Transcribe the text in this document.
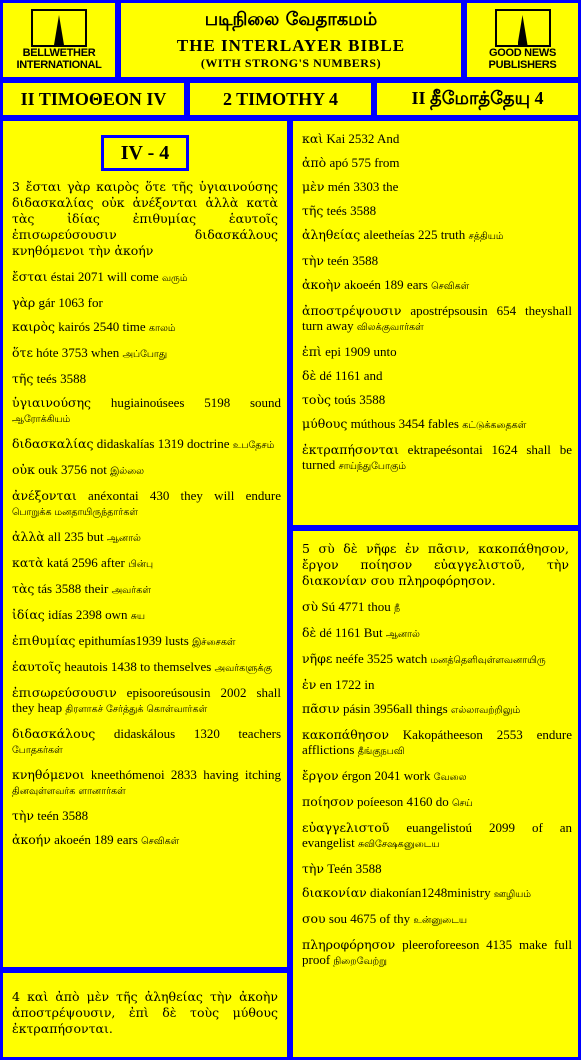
BELLWETHER
INTERNATIONAL
படிநிலை வேதாகமம்
THE INTERLAYER BIBLE
(WITH STRONG'S NUMBERS)
GOOD NEWS
PUBLISHERS
II TIMOΘEON IV	2 TIMOTHY 4	II தீமோத்தேயு 4
IV - 4
3 ἔσται γὰρ καιρὸς ὅτε τῆς ὑγιαινούσης διδασκαλίας οὐκ ἀνέξονται ἀλλὰ κατὰ τὰς ἰδίας ἐπιθυμίας ἑαυτοῖς ἐπισωρεύσουσιν διδασκάλους κνηθόμενοι τὴν ἀκοήν
ἔσται éstai 2071 will come வரும்
γὰρ gár 1063 for
καιρὸς kairós 2540 time காலம்
ὅτε hóte 3753 when அப்போது
τῆς teés 3588
ὑγιαινούσης hugiainoúsees 5198 sound ஆரோக்கியம்
διδασκαλίας didaskalías 1319 doctrine உபதேசம்
οὐκ ouk 3756 not இல்லை
ἀνέξονται anéxontai 430 they will endure பொறுக்க மனதாயிருந்தார்கள்
ἀλλὰ all 235 but ஆனால்
κατὰ katá 2596 after பின்பு
τὰς tás 3588 their அவர்கள்
ἰδίας idías 2398 own சுய
ἐπιθυμίας epithumías1939 lusts இச்சைகள்
ἑαυτοῖς heautois 1438 to themselves அவர்களுக்கு
ἐπισωρεύσουσιν episooreúsousin 2002 shall they heap திரளாகச் சேர்த்துக் கொள்வார்கள்
διδασκάλους didaskálous 1320 teachers போதகர்கள்
κνηθόμενοι kneethómenoi 2833 having itching தினவுள்ளவர்க ளானார்கள்
τὴν teén 3588
ἀκοήν akoeén 189 ears செவிகள்
4 καὶ ἀπὸ μὲν τῆς ἀληθείας τὴν ἀκοὴν ἀποστρέψουσιν, ἐπὶ δὲ τοὺς μύθους ἐκτραπήσονται.
καὶ Kai 2532 And
ἀπὸ apó 575 from
μὲν mén 3303 the
τῆς teés 3588
ἀληθείας aleetheías 225 truth சத்தியம்
τὴν teén 3588
ἀκοὴν akoeén 189 ears செவிகள்
ἀποστρέψουσιν apostrépsousin 654 theyshall turn away விலக்குவார்கள்
ἐπὶ epi 1909 unto
δὲ dé 1161 and
τοὺς toús 3588
μύθους múthous 3454 fables கட்டுக்கதைகள்
ἐκτραπήσονται ektrapeésontai 1624 shall be turned சாய்ந்துபோகும்
5 σὺ δὲ νῆφε ἐν πᾶσιν, κακοπάθησον, ἔργον ποίησον εὐαγγελιστοῦ, τὴν διακονίαν σου πληροφόρησον.
σὺ Sú 4771 thou நீ
δὲ dé 1161 But ஆனால்
νῆφε neéfe 3525 watch மனத்தெளிவுள்ளவனாயிரு
ἐν en 1722 in
πᾶσιν pásin 3956all things எல்லாவற்றிலும்
κακοπάθησον Kakopátheeson 2553 endure afflictions தீங்குநபவி
ἔργον érgon 2041 work வேலை
ποίησον poíeeson 4160 do செய்
εὐαγγελιστοῦ euangelistoú 2099 of an evangelist சுவிசேஷகனுடைய
τὴν Teén 3588
διακονίαν diakonían1248ministry ஊழியம்
σου sou 4675 of thy உன்னுடைய
πληροφόρησον pleeroforeeson 4135 make full proof நிறைவேற்று
